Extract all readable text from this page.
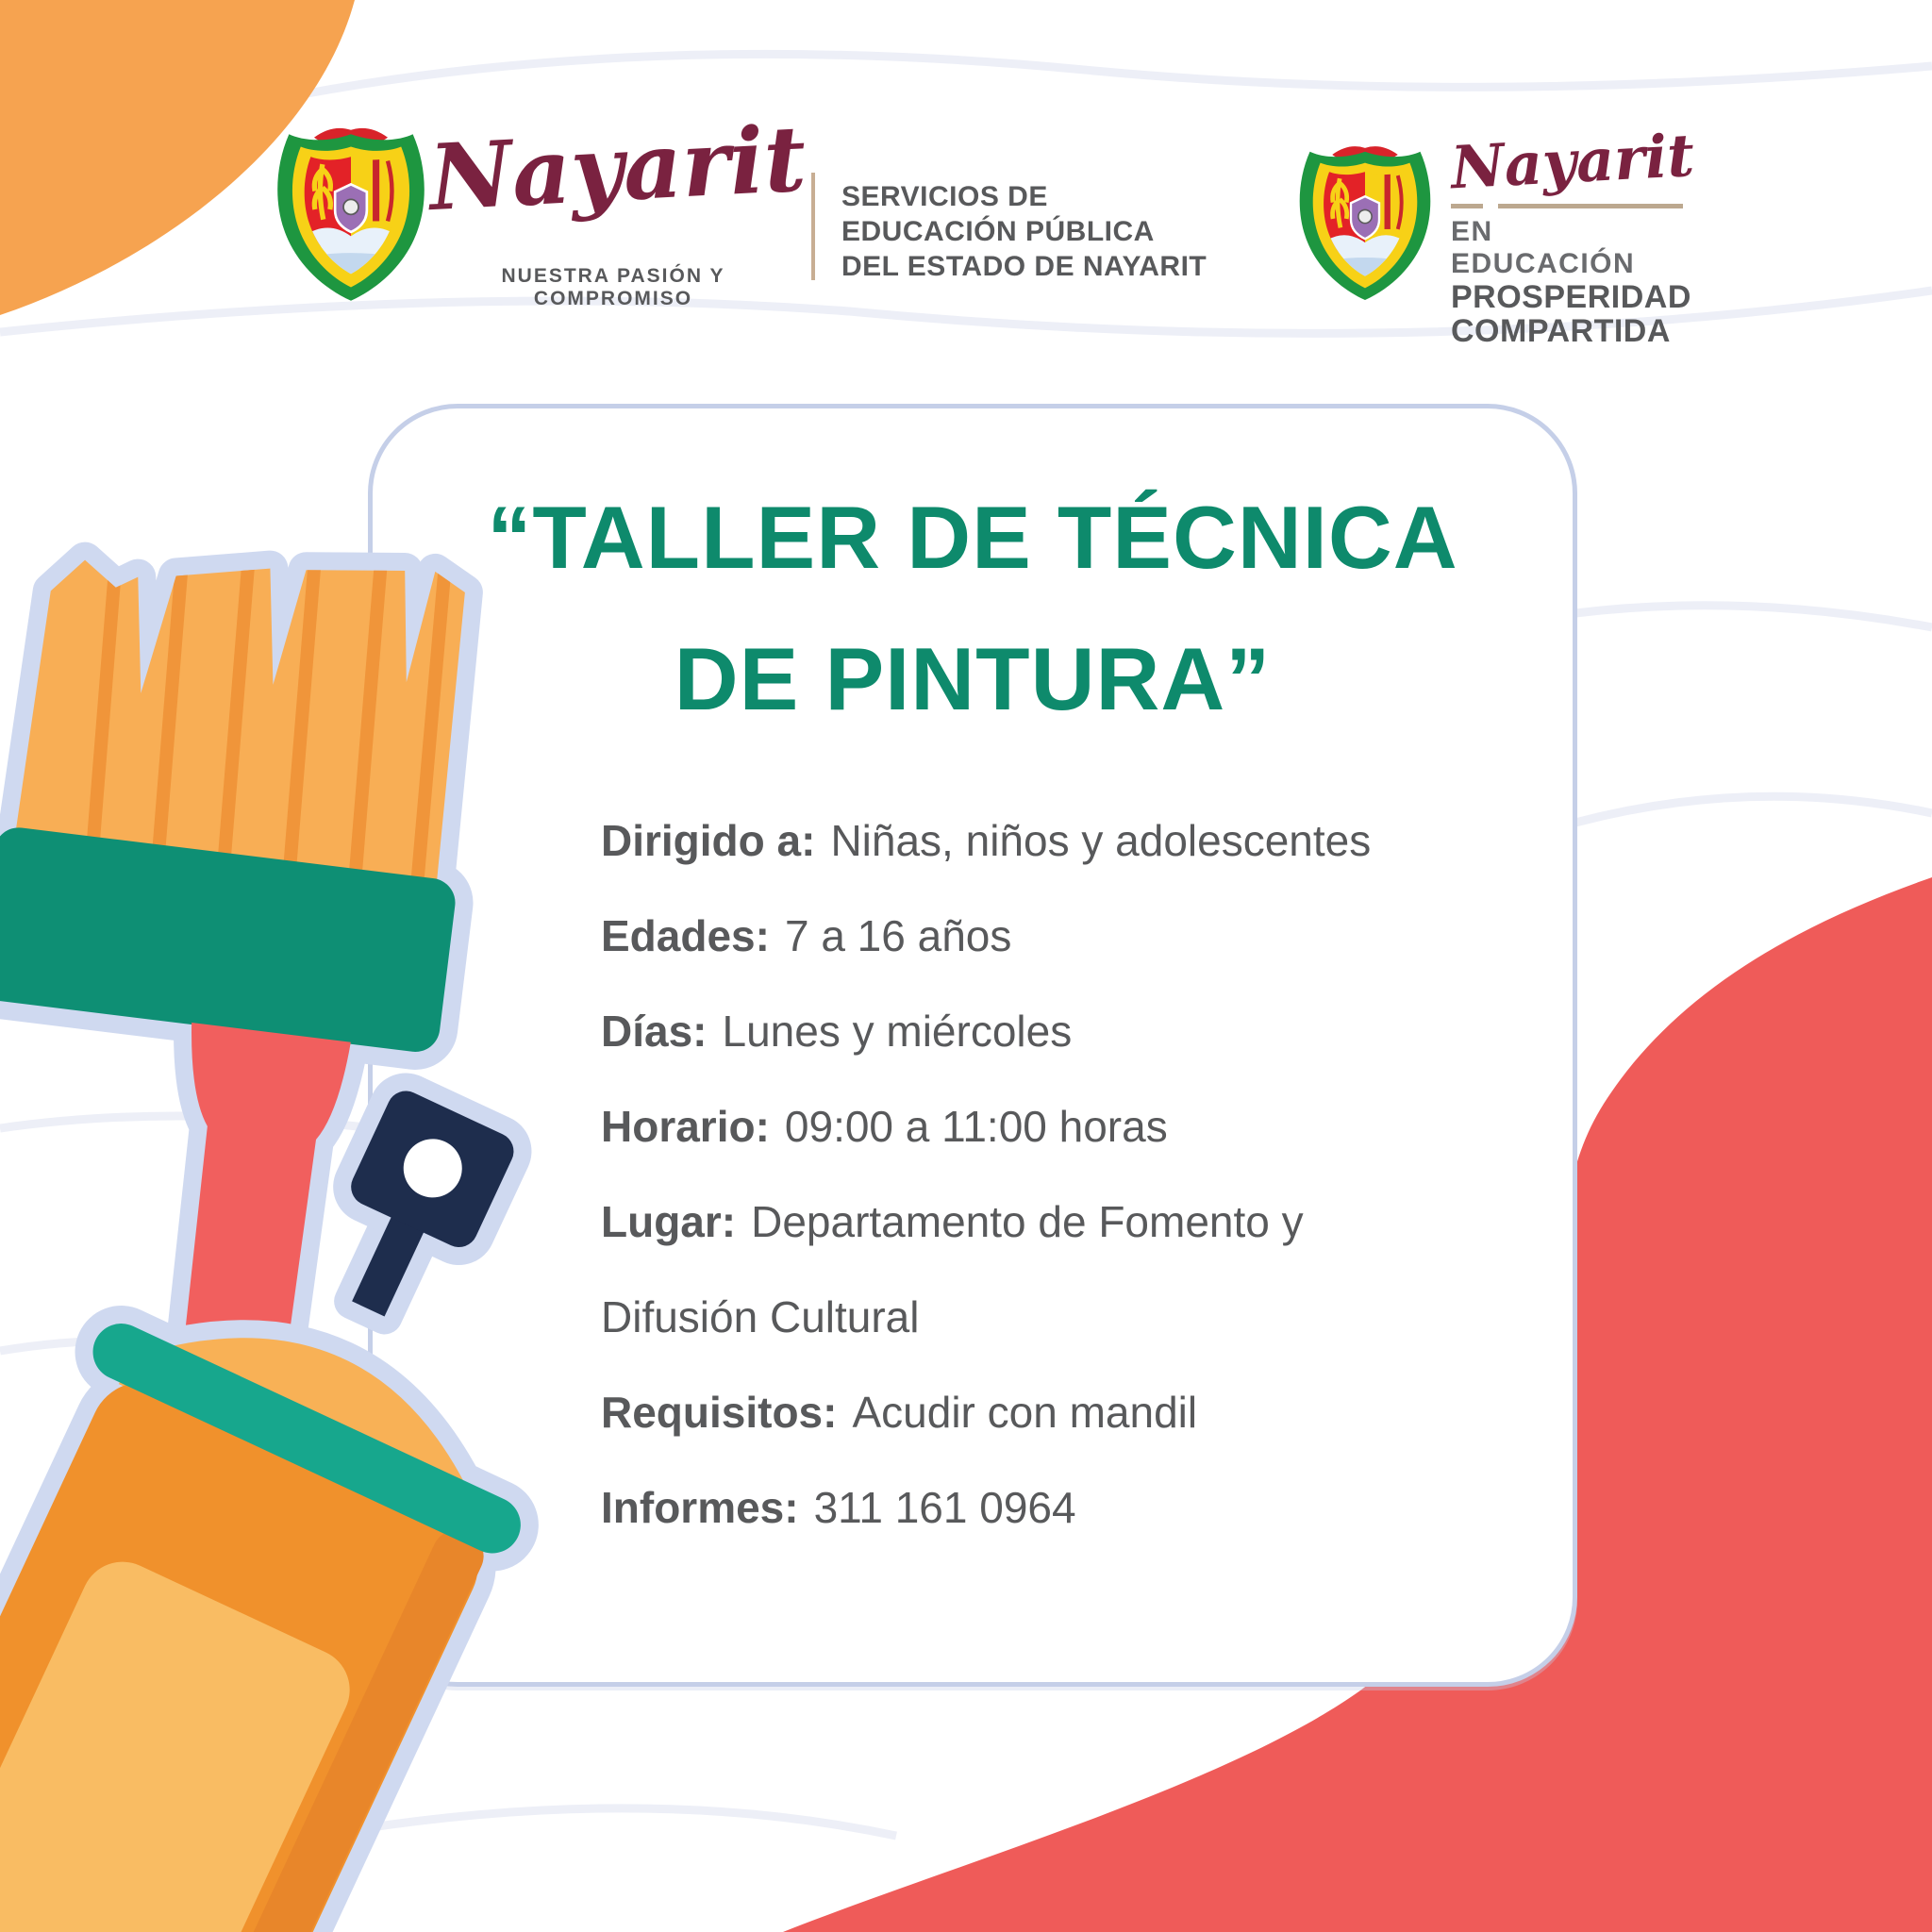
“TALLER DE TÉCNICA
DE PINTURA”
Dirigido a: Niñas, niños y adolescentes
Edades: 7 a 16 años
Días: Lunes y miércoles
Horario: 09:00 a 11:00 horas
Lugar: Departamento de Fomento y
Difusión Cultural
Requisitos: Acudir con mandil
Informes: 311 161 0964
Nayarit
NUESTRA PASIÓN Y COMPROMISO
SERVICIOS DE
EDUCACIÓN PÚBLICA
DEL ESTADO DE NAYARIT
Nayarit
EN EDUCACIÓN
PROSPERIDAD
COMPARTIDA
